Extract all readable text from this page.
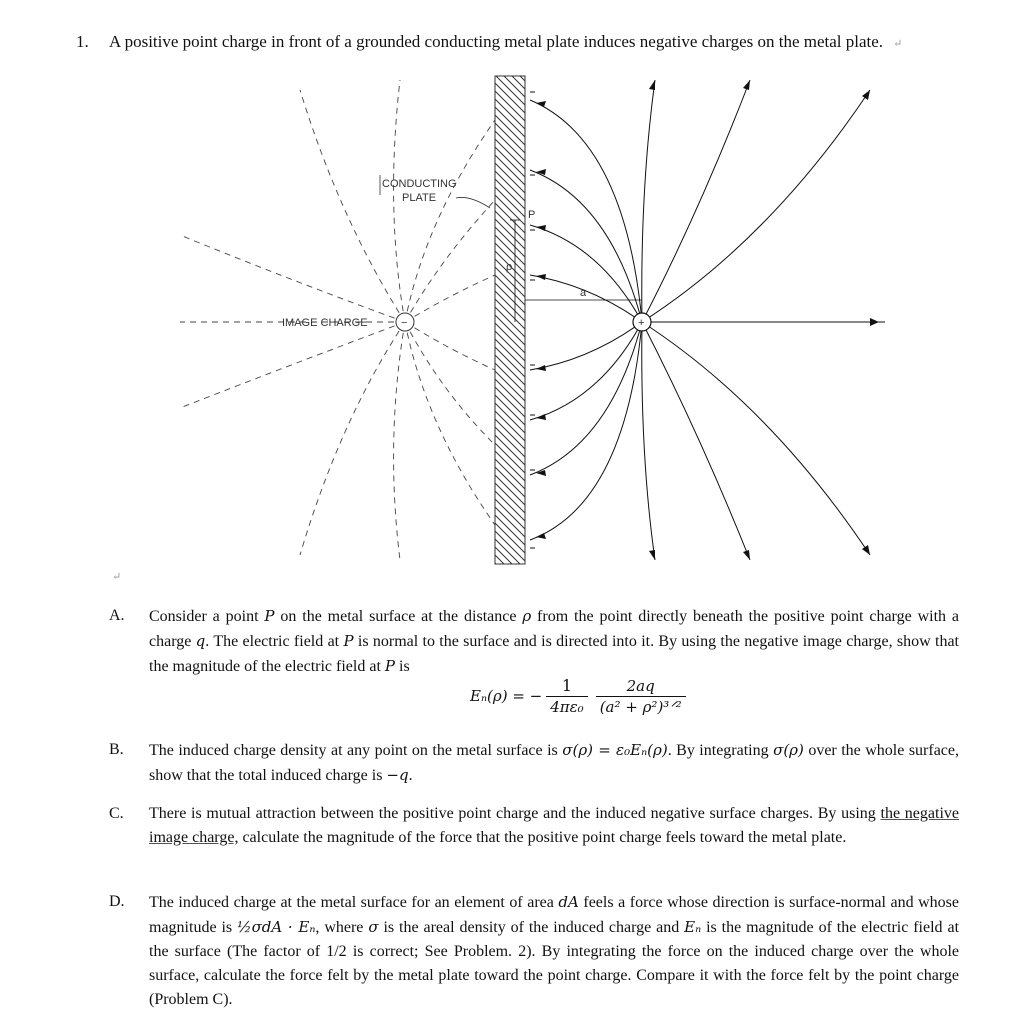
1. A positive point charge in front of a grounded conducting metal plate induces negative charges on the metal plate. ↵
ρ
a
P
−
IMAGE CHARGE	+
CONDUCTING
PLATE
↵
A. Consider a point P on the metal surface at the distance ρ from the point directly beneath the positive point charge with a charge q. The electric field at P is normal to the surface and is directed into it. By using the negative image charge, show that the magnitude of the electric field at P is
Eₙ(ρ) = − $\frac{1}{\text{4πε₀}} \frac{2aq}{\text{(a² + ρ²)³ᐟ²}}$
B. The induced charge density at any point on the metal surface is σ(ρ) = ε₀Eₙ(ρ). By integrating σ(ρ) over the whole surface, show that the total induced charge is −q.
C. There is mutual attraction between the positive point charge and the induced negative surface charges. By using the negative image charge, calculate the magnitude of the force that the positive point charge feels toward the metal plate.
D. The induced charge at the metal surface for an element of area dA feels a force whose direction is surface-normal and whose magnitude is ½σdA · Eₙ, where σ is the areal density of the induced charge and Eₙ is the magnitude of the electric field at the surface (The factor of 1/2 is correct; See Problem. 2). By integrating the force on the induced charge over the whole surface, calculate the force felt by the metal plate toward the point charge. Compare it with the force felt by the point charge (Problem C).
